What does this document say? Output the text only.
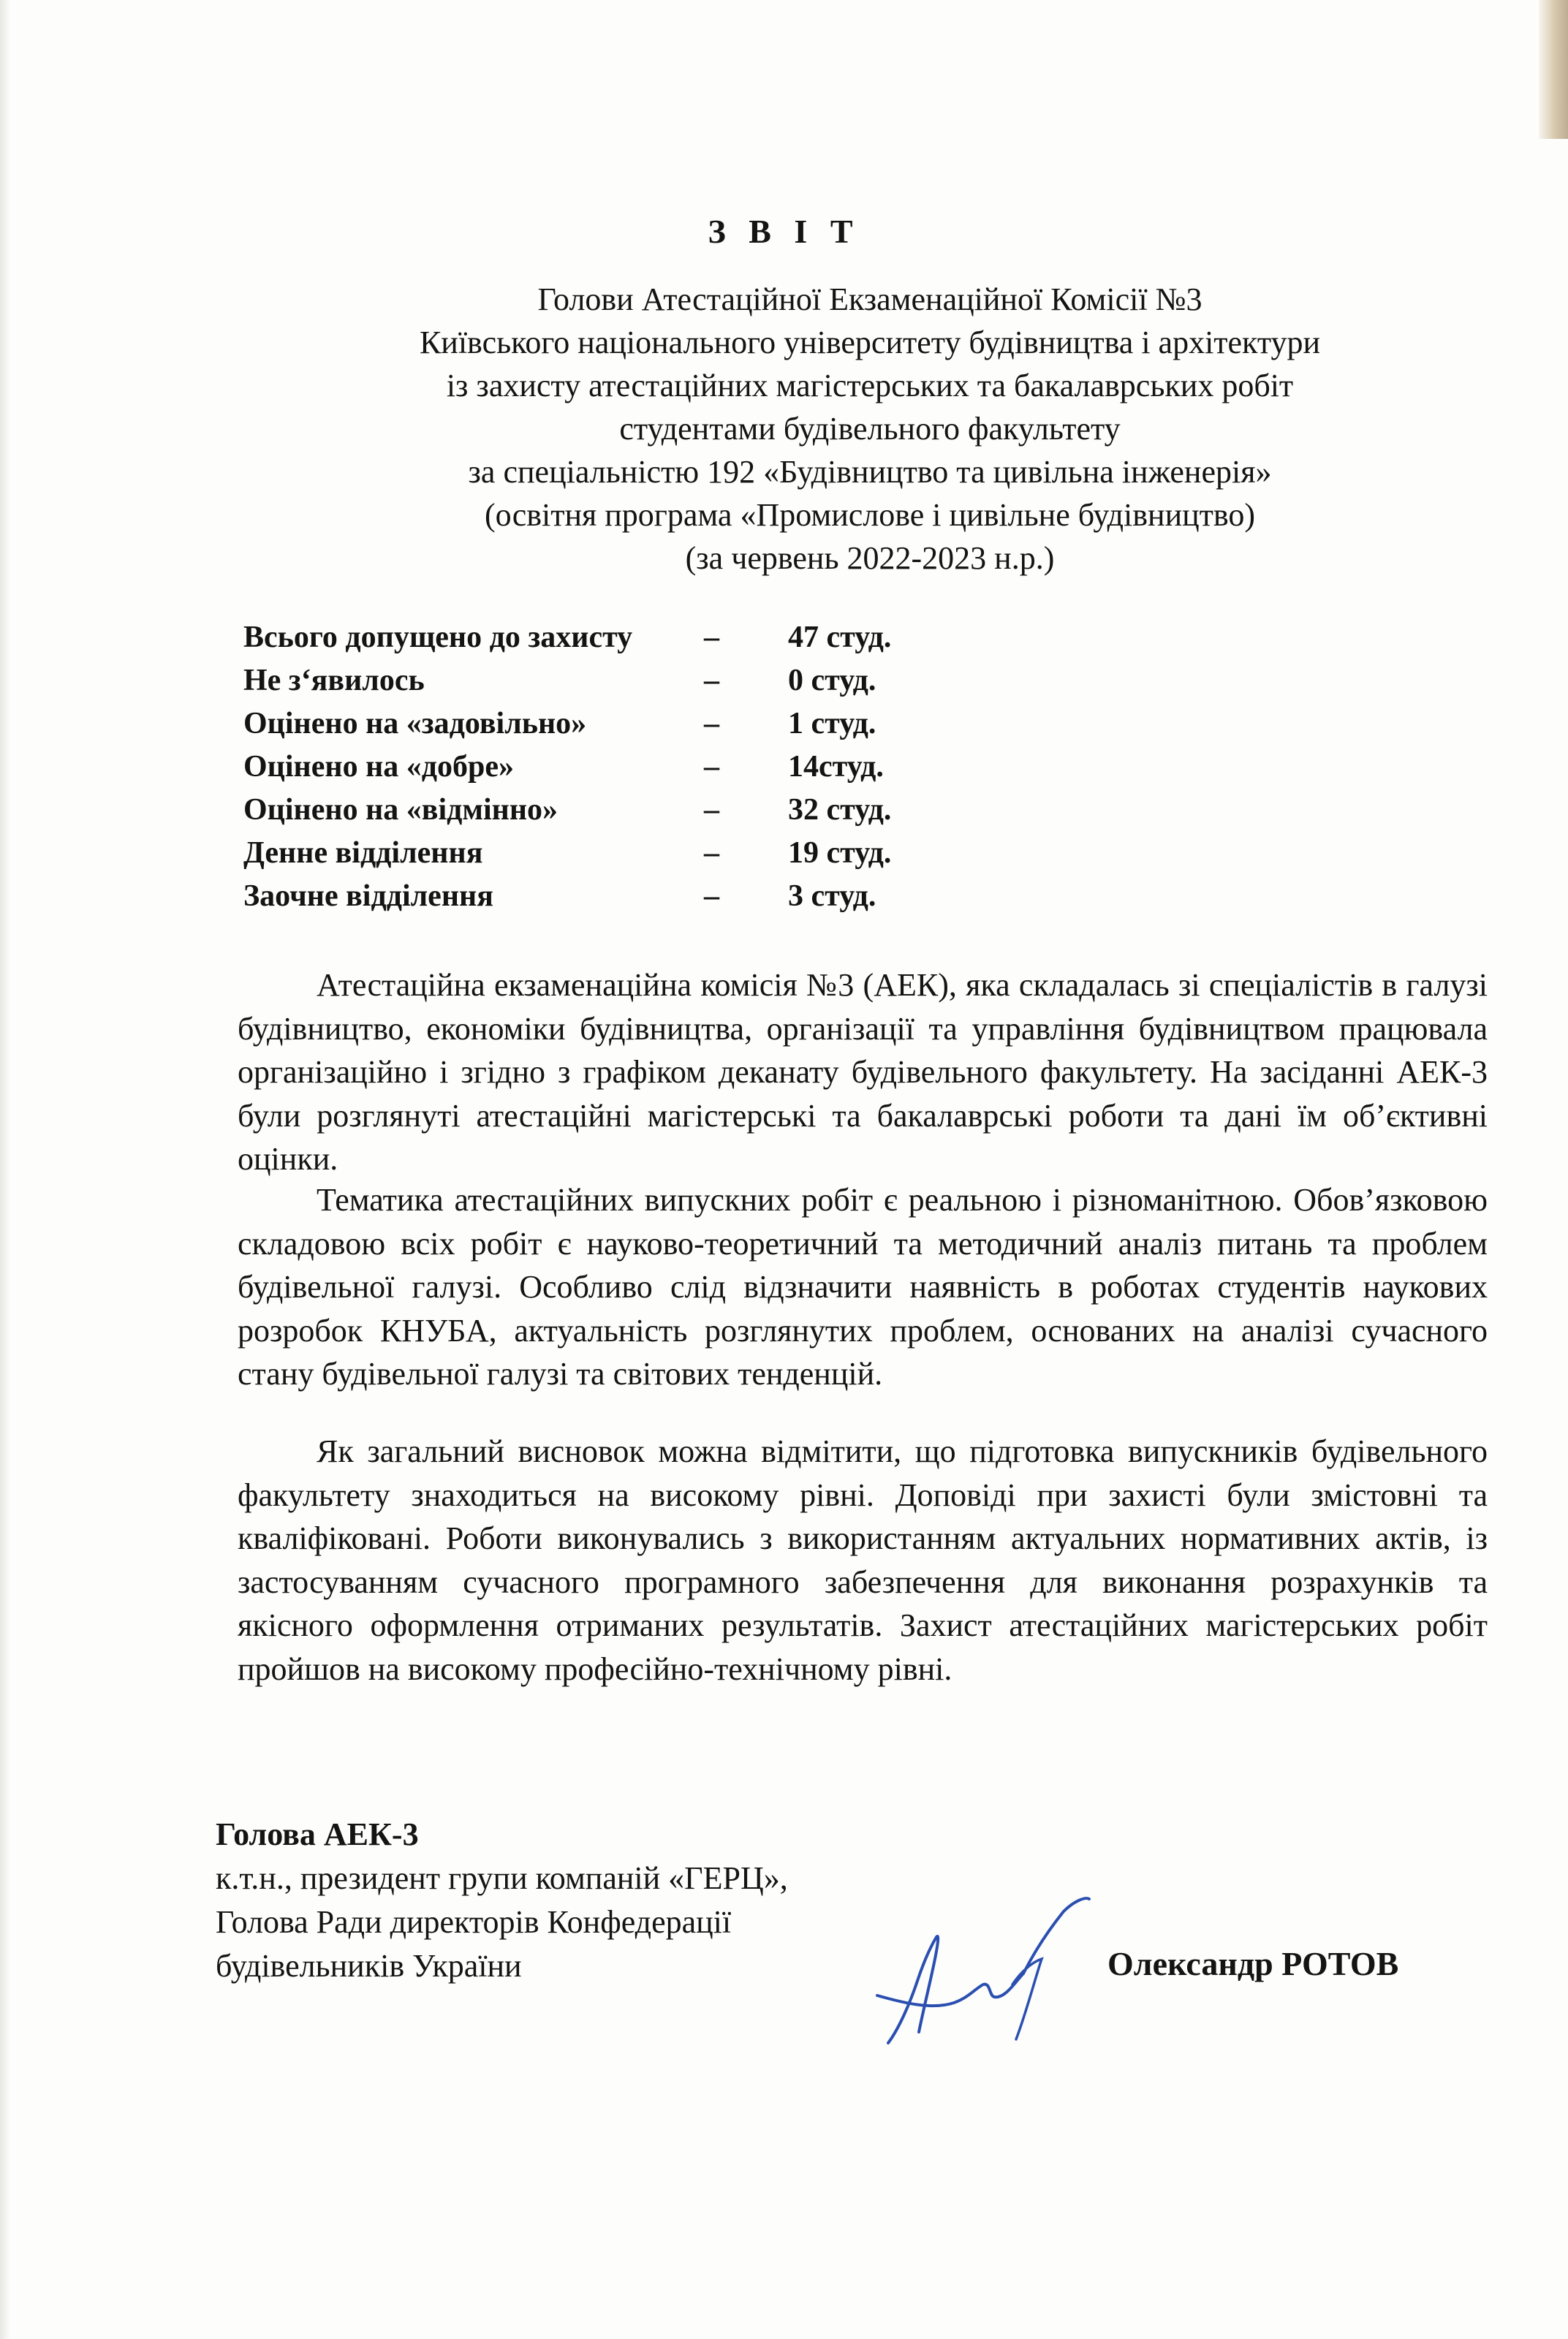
З В І Т
Голови Атестаційної Екзаменаційної Комісії №3
Київського національного університету будівництва і архітектури
із захисту атестаційних магістерських та бакалаврських робіт
студентами будівельного факультету
за спеціальністю 192 «Будівництво та цивільна інженерія»
(освітня програма «Промислове і цивільне будівництво)
(за червень 2022-2023 н.р.)
Всього допущено до захисту – 47 студ.
Не з‘явилось	– 0 студ.
Оцінено на «задовільно»	– 1 студ.
Оцінено на «добре»	– 14студ.
Оцінено на «відмінно»	– 32 студ.
Денне відділення	– 19 студ.
Заочне відділення	– 3 студ.
Атестаційна екзаменаційна комісія №3 (АЕК), яка складалась зі спеціалістів в галузі будівництво, економіки будівництва, організації та управління будівництвом працювала організаційно і згідно з графіком деканату будівельного факультету. На засіданні АЕК-3 були розглянуті атестаційні магістерські та бакалаврські роботи та дані їм об’єктивні оцінки.
Тематика атестаційних випускних робіт є реальною і різноманітною. Обов’язковою складовою всіх робіт є науково-теоретичний та методичний аналіз питань та проблем будівельної галузі. Особливо слід відзначити наявність в роботах студентів наукових розробок КНУБА, актуальність розглянутих проблем, основаних на аналізі сучасного стану будівельної галузі та світових тенденцій.
Як загальний висновок можна відмітити, що підготовка випускників будівельного факультету знаходиться на високому рівні. Доповіді при захисті були змістовні та кваліфіковані. Роботи виконувались з використанням актуальних нормативних актів, із застосуванням сучасного програмного забезпечення для виконання розрахунків та якісного оформлення отриманих результатів. Захист атестаційних магістерських робіт пройшов на високому професійно-технічному рівні.
Голова АЕК-3
к.т.н., президент групи компаній «ГЕРЦ»,
Голова Ради директорів Конфедерації
будівельників України	Олександр РОТОВ
